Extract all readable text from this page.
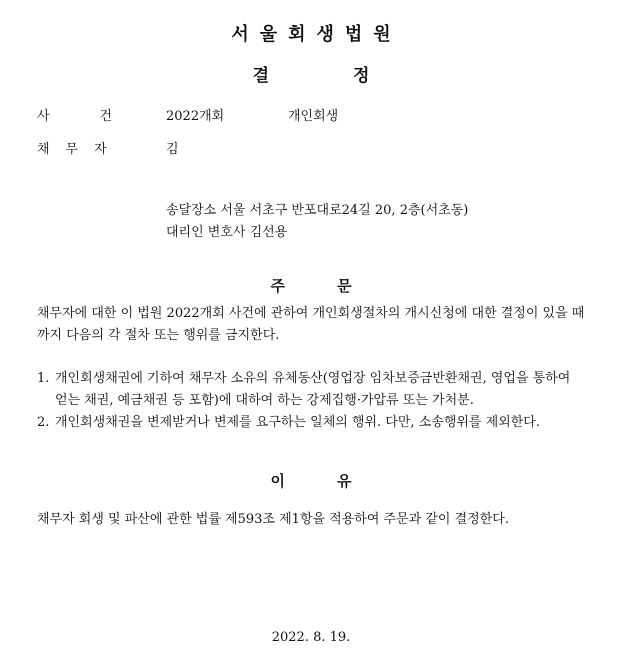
서울회생법원
결정
사건 2022개회	개인회생
채무자	김
송달장소 서울 서초구 반포대로24길 20, 2층(서초동)
대리인 변호사 김선용
주문
채무자에 대한 이 법원 2022개회 사건에 관하여 개인회생절차의 개시신청에 대한 결정이 있을 때까지 다음의 각 절차 또는 행위를 금지한다.
1. 개인회생채권에 기하여 채무자 소유의 유체동산(영업장 임차보증금반환채권, 영업을 통하여 얻는 채권, 예금채권 등 포함)에 대하여 하는 강제집행·가압류 또는 가처분.
2. 개인회생채권을 변제받거나 변제를 요구하는 일체의 행위. 다만, 소송행위를 제외한다.
이유
채무자 회생 및 파산에 관한 법률 제593조 제1항을 적용하여 주문과 같이 결정한다.
2022. 8. 19.
